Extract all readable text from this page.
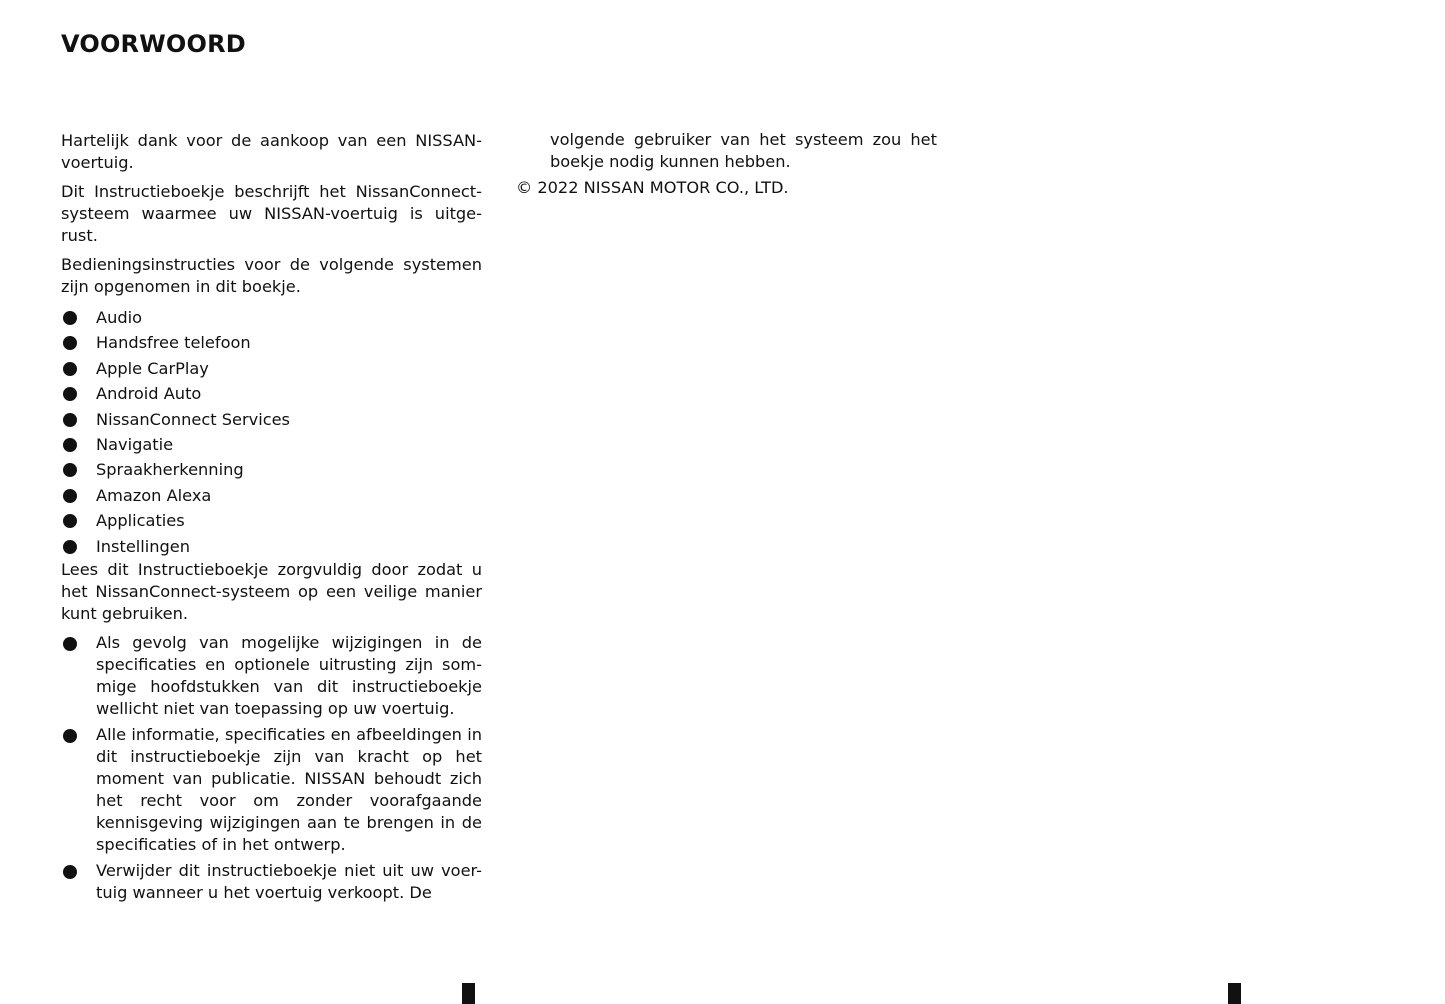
VOORWOORD

Hartelijk dank voor de aankoop van een NISSAN-voertuig.

Dit Instructieboekje beschrijft het NissanConnect-systeem waarmee uw NISSAN-voertuig is uitge-rust.

Bedieningsinstructies voor de volgende systemen zijn opgenomen in dit boekje.

Audio
Handsfree telefoon
Apple CarPlay
Android Auto
NissanConnect Services
Navigatie
Spraakherkenning
Amazon Alexa
Applicaties
Instellingen

Lees dit Instructieboekje zorgvuldig door zodat u het NissanConnect-systeem op een veilige manier kunt gebruiken.

Als gevolg van mogelijke wijzigingen in de specificaties en optionele uitrusting zijn som-mige hoofdstukken van dit instructieboekje wellicht niet van toepassing op uw voertuig.
Alle informatie, specificaties en afbeeldingen in dit instructieboekje zijn van kracht op het moment van publicatie. NISSAN behoudt zich het recht voor om zonder voorafgaande kennisgeving wijzigingen aan te brengen in de specificaties of in het ontwerp.
Verwijder dit instructieboekje niet uit uw voer-tuig wanneer u het voertuig verkoopt. De

volgende gebruiker van het systeem zou het boekje nodig kunnen hebben.

© 2022 NISSAN MOTOR CO., LTD.
